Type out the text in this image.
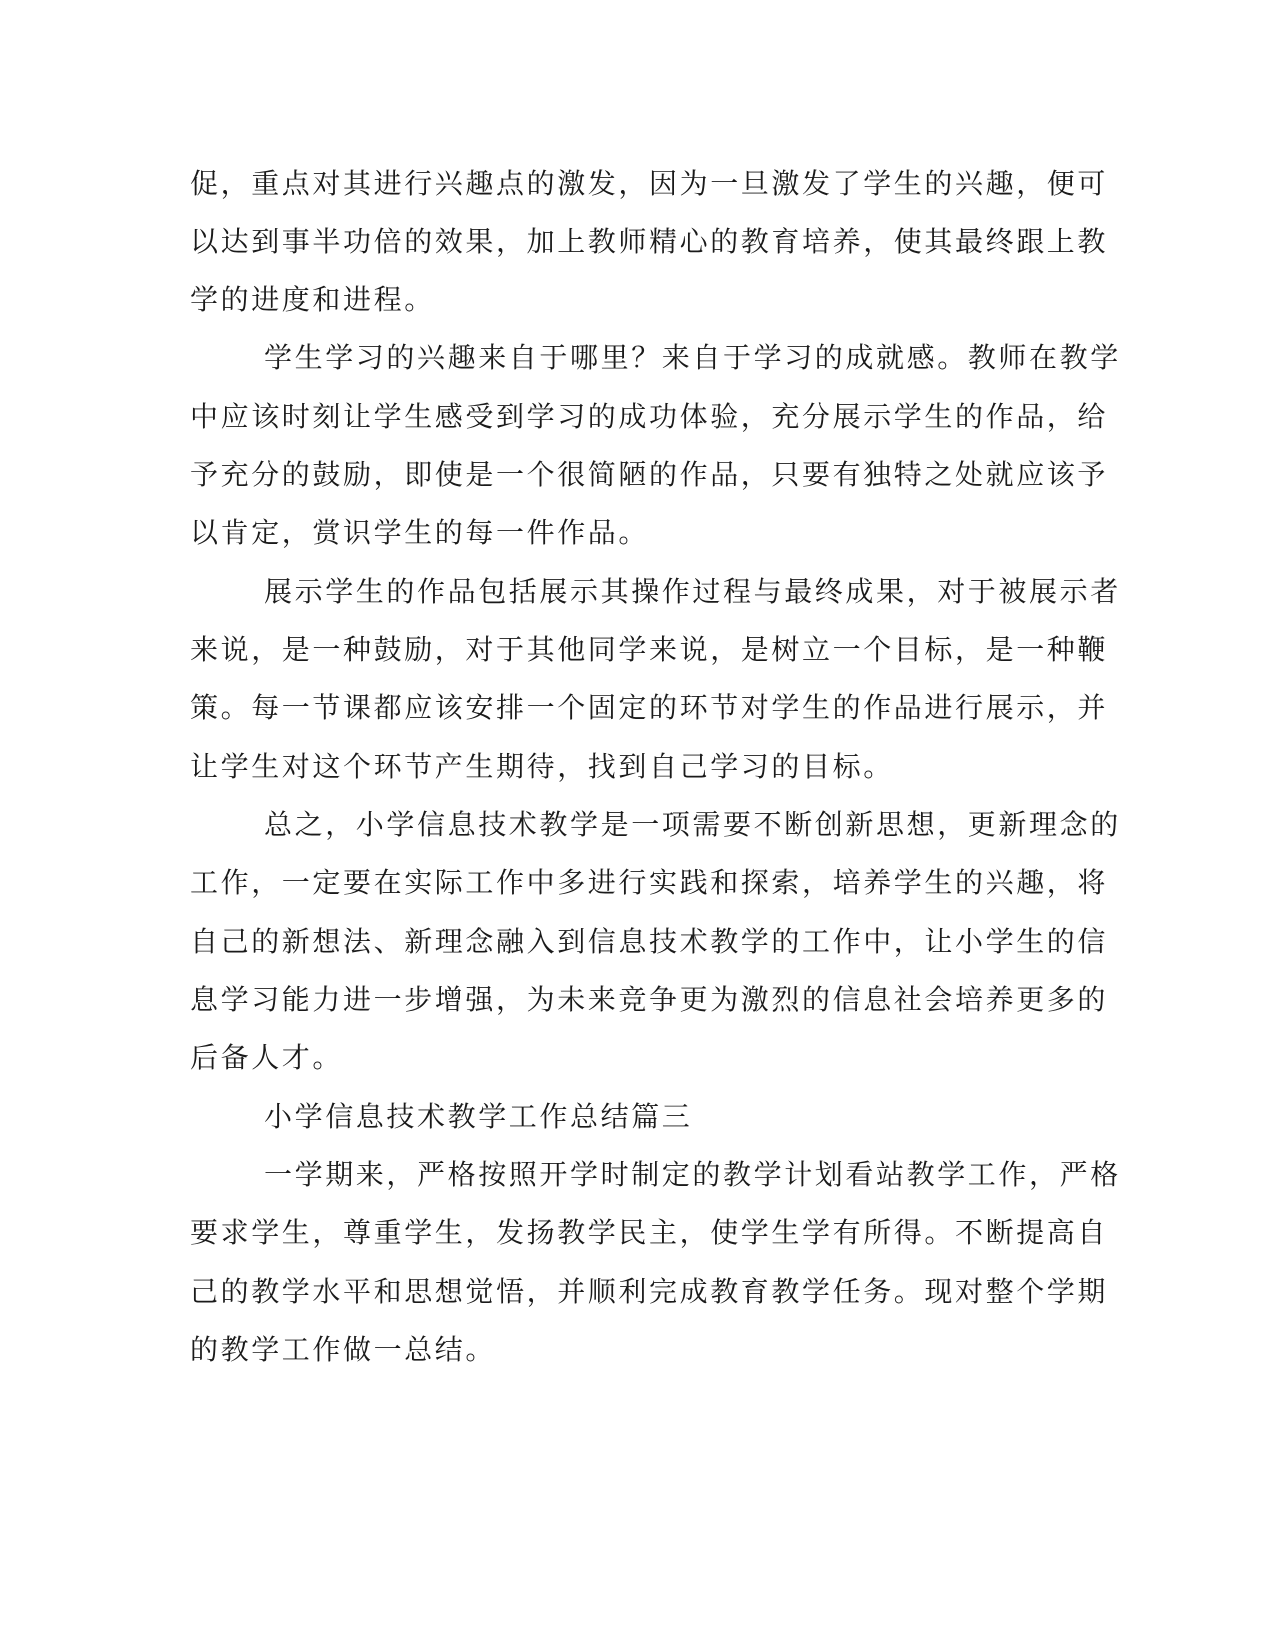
促，重点对其进行兴趣点的激发，因为一旦激发了学生的兴趣，便可

以达到事半功倍的效果，加上教师精心的教育培养，使其最终跟上教

学的进度和进程。

学生学习的兴趣来自于哪里？来自于学习的成就感。教师在教学

中应该时刻让学生感受到学习的成功体验，充分展示学生的作品，给

予充分的鼓励，即使是一个很简陋的作品，只要有独特之处就应该予

以肯定，赏识学生的每一件作品。

展示学生的作品包括展示其操作过程与最终成果，对于被展示者

来说，是一种鼓励，对于其他同学来说，是树立一个目标，是一种鞭

策。每一节课都应该安排一个固定的环节对学生的作品进行展示，并

让学生对这个环节产生期待，找到自己学习的目标。

总之，小学信息技术教学是一项需要不断创新思想，更新理念的

工作，一定要在实际工作中多进行实践和探索，培养学生的兴趣，将

自己的新想法、新理念融入到信息技术教学的工作中，让小学生的信

息学习能力进一步增强，为未来竞争更为激烈的信息社会培养更多的

后备人才。

小学信息技术教学工作总结篇三

一学期来，严格按照开学时制定的教学计划看站教学工作，严格

要求学生，尊重学生，发扬教学民主，使学生学有所得。不断提高自

己的教学水平和思想觉悟，并顺利完成教育教学任务。现对整个学期

的教学工作做一总结。
